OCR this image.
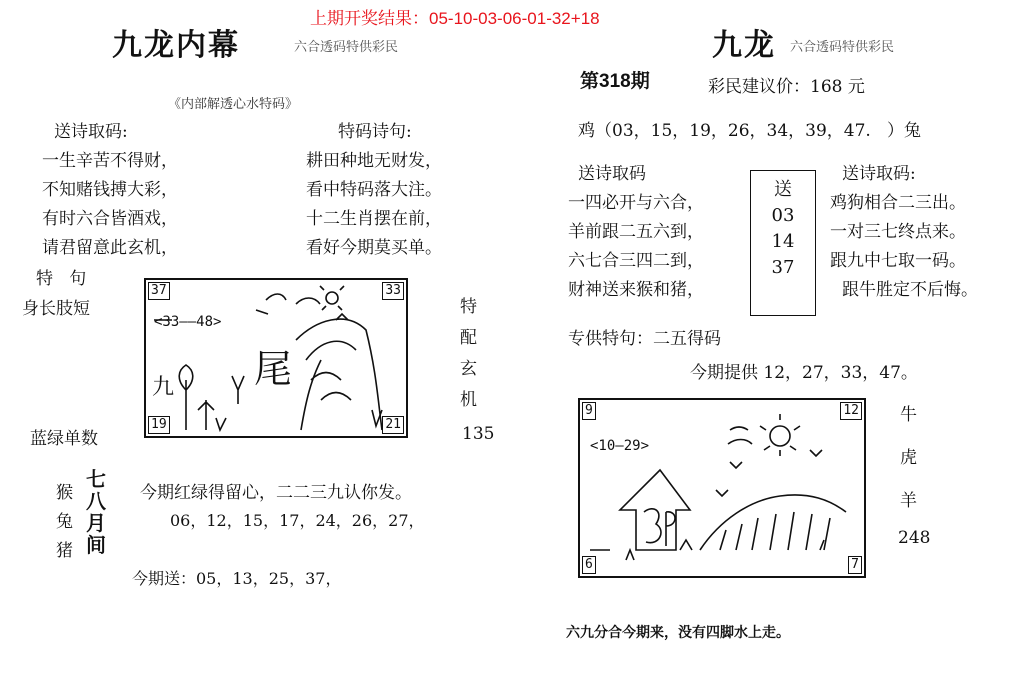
上期开奖结果：05-10-03-06-01-32+18
九龙内幕	六合透码特供彩民
《内部解透心水特码》
送诗取码:
一生辛苦不得财，
不知赌钱搏大彩，
有时六合皆酒戏，
请君留意此玄机，
特码诗句:
耕田种地无财发，
看中特码落大注。
十二生肖摆在前，
看好今期莫买单。
特   句
身长肢短
37	33
19	21
<33——48>
九 尾
特
配
玄
机
135
蓝绿单数
猴
兔
猪
七
八
月
间
今期红绿得留心，二二三九认你发。
06，12，15，17，24，26，27，
今期送：05，13，25，37，
九龙 六合透码特供彩民
第318期	彩民建议价：168 元
鸡（03，15，19，26，34，39，47.   ）兔
送诗取码
一四必开与六合，
羊前跟二五六到，
六七合三四二到，
财神送来猴和猪，
送
03
14
37
送诗取码:
鸡狗相合二三出。
一对三七终点来。
跟九中七取一码。
跟牛胜定不后悔。
专供特句：二五得码
今期提供 12，27，33，47。
9	12
6	7
<10—29>
牛
虎
羊
248
六九分合今期来，没有四脚水上走。
